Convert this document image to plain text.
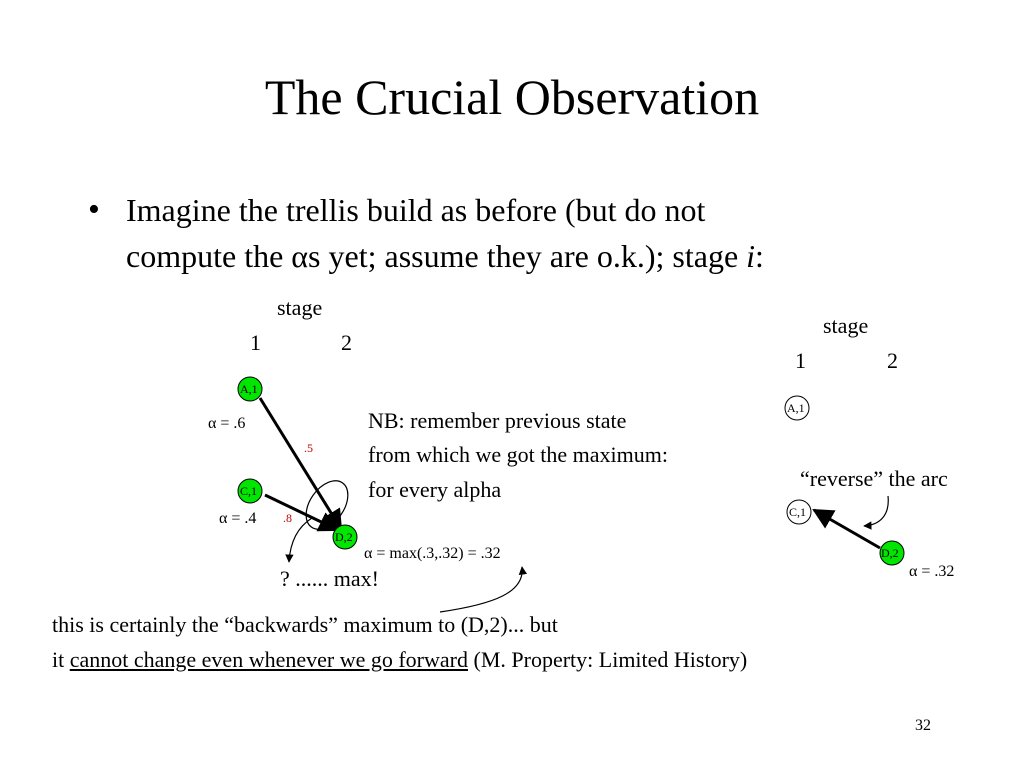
The Crucial Observation
• Imagine the trellis build as before (but do not
compute the αs yet; assume they are o.k.); stage i:
stage
1	2
A,1
C,1
D,2
α = .6
α = .4
.5
.8
α = max(.3,.32) = .32
? ...... max!
NB: remember previous state
from which we got the maximum:
for every alpha
stage
1	2
A,1
C,1
D,2
“reverse” the arc
α = .32
this is certainly the “backwards” maximum to (D,2)... but
it cannot change even whenever we go forward (M. Property: Limited History)
32
